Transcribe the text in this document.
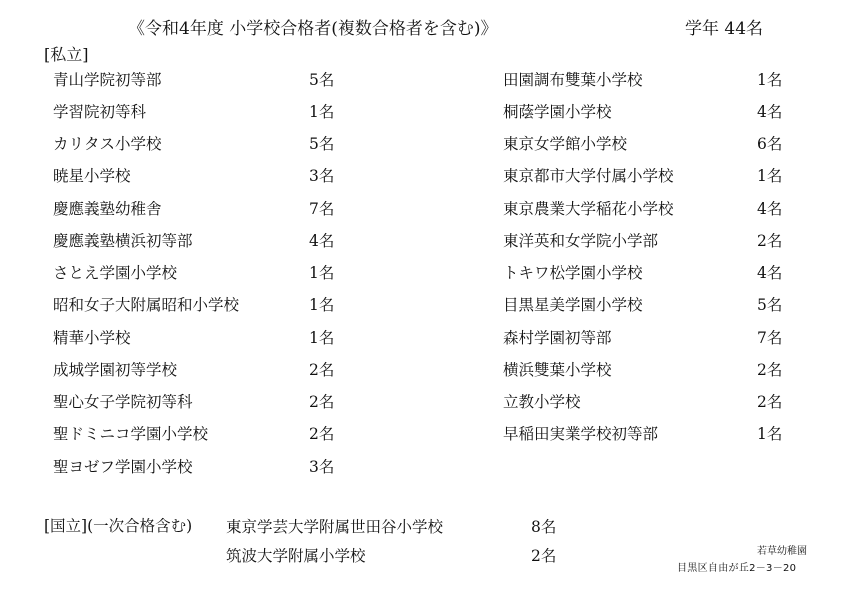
《令和4年度 小学校合格者(複数合格者を含む)》	学年 44名
[私立]
青山学院初等部	5名
学習院初等科	1名
カリタス小学校	5名
暁星小学校	3名
慶應義塾幼稚舎	7名
慶應義塾横浜初等部	4名
さとえ学園小学校	1名
昭和女子大附属昭和小学校	1名
精華小学校	1名
成城学園初等学校	2名
聖心女子学院初等科	2名
聖ドミニコ学園小学校	2名
聖ヨゼフ学園小学校	3名
田園調布雙葉小学校	1名
桐蔭学園小学校	4名
東京女学館小学校	6名
東京都市大学付属小学校	1名
東京農業大学稲花小学校	4名
東洋英和女学院小学部	2名
トキワ松学園小学校	4名
目黒星美学園小学校	5名
森村学園初等部	7名
横浜雙葉小学校	2名
立教小学校	2名
早稲田実業学校初等部	1名
[国立](一次合格含む) 東京学芸大学附属世田谷小学校	8名
筑波大学附属小学校	2名	若草幼稚園
目黒区自由が丘2－3－20
